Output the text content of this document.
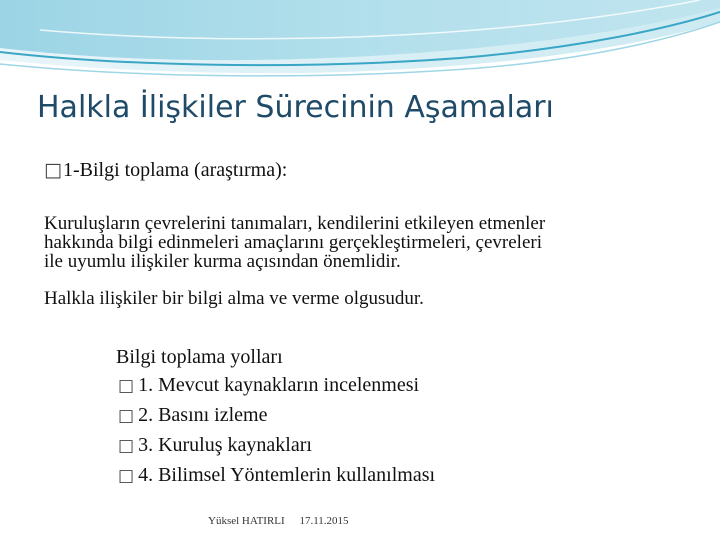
Halkla İlişkiler Sürecinin Aşamaları
□1-Bilgi toplama (araştırma):
Kuruluşların çevrelerini tanımaları, kendilerini etkileyen etmenler
hakkında bilgi edinmeleri amaçlarını gerçekleştirmeleri, çevreleri
ile uyumlu ilişkiler kurma açısından önemlidir.
Halkla ilişkiler bir bilgi alma ve verme olgusudur.
Bilgi toplama yolları
□ 1. Mevcut kaynakların incelenmesi
□ 2. Basını izleme
□ 3. Kuruluş kaynakları
□ 4. Bilimsel Yöntemlerin kullanılması
Yüksel HATIRLI 17.11.2015
